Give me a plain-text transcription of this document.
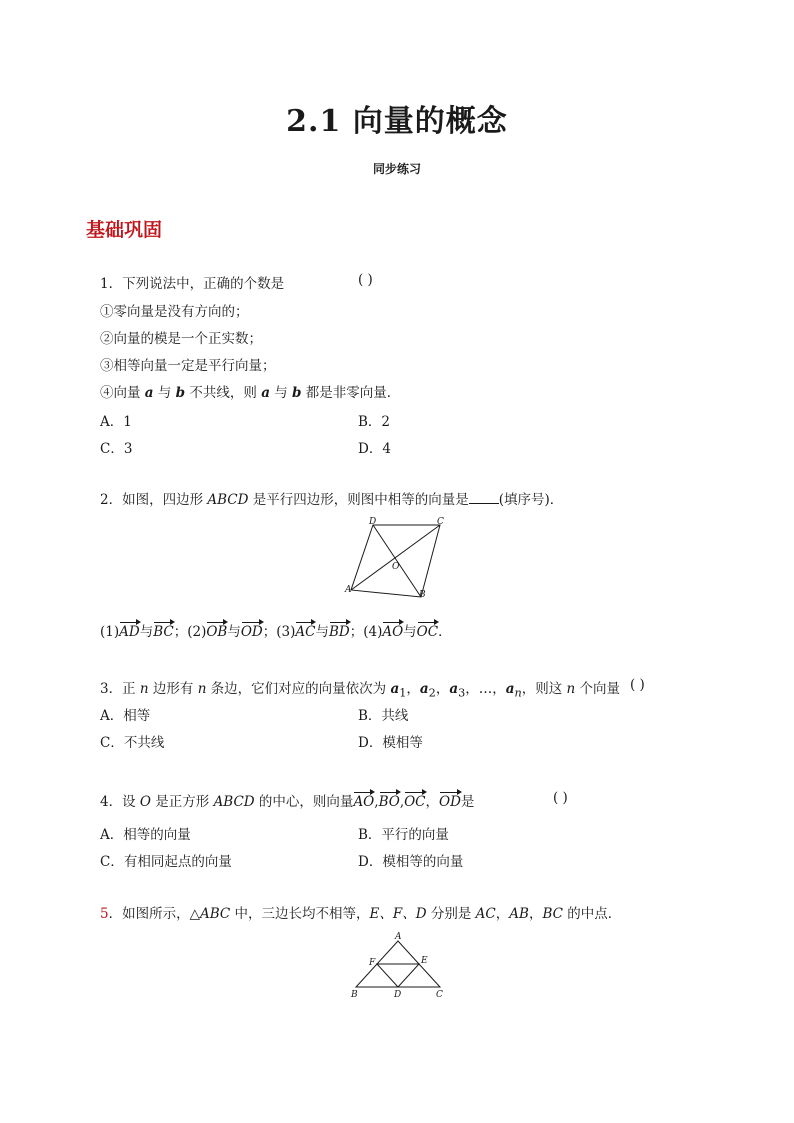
2.1 向量的概念
同步练习
基础巩固
1．下列说法中，正确的个数是	( )
①零向量是没有方向的；
②向量的模是一个正实数；
③相等向量一定是平行向量；
④向量 a 与 b 不共线，则 a 与 b 都是非零向量．
A．1	B．2
C．3	D．4
2．如图，四边形 ABCD 是平行四边形，则图中相等的向量是 (填序号)．
D	C
O
A	B
(1)AD与BC；(2)OB与OD；(3)AC与BD；(4)AO与OC．
3．正 n 边形有 n 条边，它们对应的向量依次为 $a_1$，$a_2$，$a_3$，…，$a_n$，则这 n 个向量 ( )
A．相等	B．共线
C．不共线	D．模相等
4．设 O 是正方形 ABCD 的中心，则向量AO,BO,OC，OD是	( )
A．相等的向量	B．平行的向量
C．有相同起点的向量	D．模相等的向量
5．如图所示，△ABC 中，三边长均不相等，E、F、D 分别是 AC，AB，BC 的中点．
A
F	E
B	D	C
